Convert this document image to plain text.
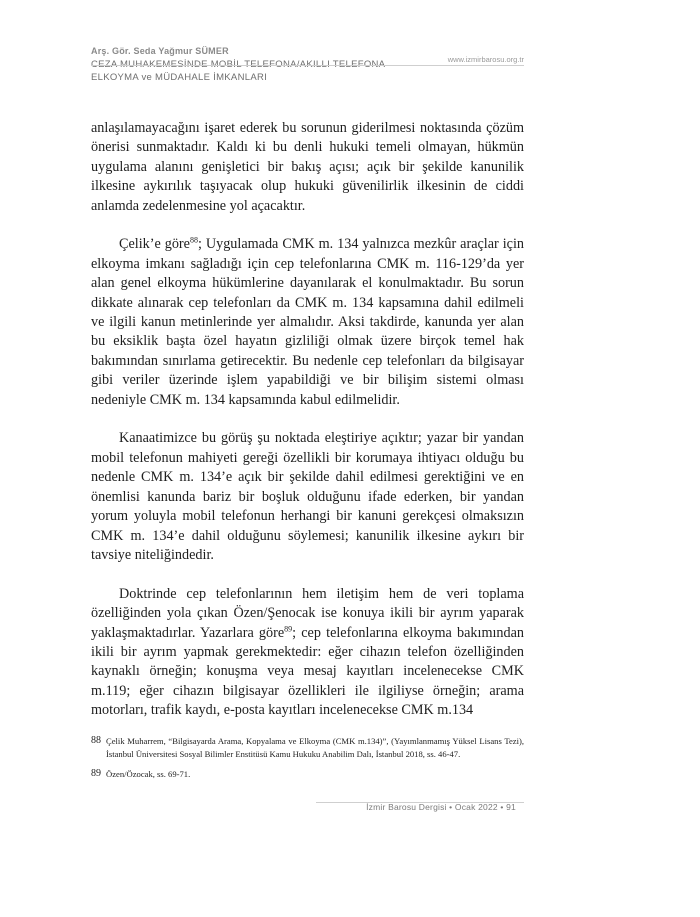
Arş. Gör. Seda Yağmur SÜMER
www.izmirbarosu.org.tr
CEZA MUHAKEMESİNDE MOBİL TELEFONA/AKILLI TELEFONA
ELKOYMA ve MÜDAHALE İMKANLARI

anlaşılamayacağını işaret ederek bu sorunun giderilmesi noktasında çözüm önerisi sunmaktadır. Kaldı ki bu denli hukuki temeli olmayan, hükmün uygulama alanını genişletici bir bakış açısı; açık bir şekilde kanunilik ilkesine aykırılık taşıyacak olup hukuki güvenilirlik ilkesinin de ciddi anlamda zedelenmesine yol açacaktır.

Çelik’e göre$^{88}$; Uygulamada CMK m. 134 yalnızca mezkûr araçlar için elkoyma imkanı sağladığı için cep telefonlarına CMK m. 116-129’da yer alan genel elkoyma hükümlerine dayanılarak el konulmaktadır. Bu sorun dikkate alınarak cep telefonları da CMK m. 134 kapsamına dahil edilmeli ve ilgili kanun metinlerinde yer almalıdır. Aksi takdirde, kanunda yer alan bu eksiklik başta özel hayatın gizliliği olmak üzere birçok temel hak bakımından sınırlama getirecektir. Bu nedenle cep telefonları da bilgisayar gibi veriler üzerinde işlem yapabildiği ve bir bilişim sistemi olması nedeniyle CMK m. 134 kapsamında kabul edilmelidir.

Kanaatimizce bu görüş şu noktada eleştiriye açıktır; yazar bir yandan mobil telefonun mahiyeti gereği özellikli bir korumaya ihtiyacı olduğu bu nedenle CMK m. 134’e açık bir şekilde dahil edilmesi gerektiğini ve en önemlisi kanunda bariz bir boşluk olduğunu ifade ederken, bir yandan yorum yoluyla mobil telefonun herhangi bir kanuni gerekçesi olmaksızın CMK m. 134’e dahil olduğunu söylemesi; kanunilik ilkesine aykırı bir tavsiye niteliğindedir.

Doktrinde cep telefonlarının hem iletişim hem de veri toplama özelliğinden yola çıkan Özen/Şenocak ise konuya ikili bir ayrım yaparak yaklaşmaktadırlar. Yazarlara göre$^{89}$; cep telefonlarına elkoyma bakımından ikili bir ayrım yapmak gerekmektedir: eğer cihazın telefon özelliğinden kaynaklı örneğin; konuşma veya mesaj kayıtları incelenecekse CMK m.119; eğer cihazın bilgisayar özellikleri ile ilgiliyse örneğin; arama motorları, trafik kaydı, e-posta kayıtları incelenecekse CMK m.134

88 Çelik Muharrem, “Bilgisayarda Arama, Kopyalama ve Elkoyma (CMK m.134)”, (Yayımlanmamış Yüksel Lisans Tezi), İstanbul Üniversitesi Sosyal Bilimler Enstitüsü Kamu Hukuku Anabilim Dalı, İstanbul 2018, ss. 46-47.
89 Özen/Özocak, ss. 69-71.
İzmir Barosu Dergisi • Ocak 2022 • 91
